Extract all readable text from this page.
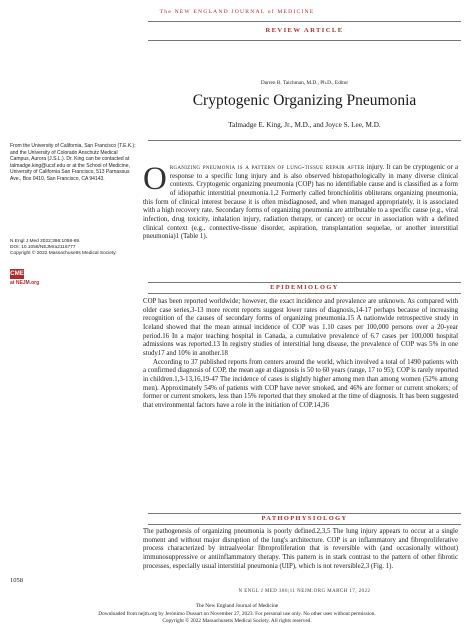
The NEW ENGLAND JOURNAL of MEDICINE
REVIEW ARTICLE
Darren B. Taichman, M.D., Ph.D., Editor
Cryptogenic Organizing Pneumonia
Talmadge E. King, Jr., M.D., and Joyce S. Lee, M.D.
From the University of California, San Francisco (T.E.K.); and the University of Colorado Anschutz Medical Campus, Aurora (J.S.L.). Dr. King can be contacted at talmadge.king@ucsf.edu or at the School of Medicine, University of California San Francisco, 513 Parnassus Ave., Box 0410, San Francisco, CA 94143.
N Engl J Med 2022;386:1058-69.
DOI: 10.1056/NEJMra2116777
Copyright © 2022 Massachusetts Medical Society.
CME
at NEJM.org
Organizing pneumonia is a pattern of lung-tissue repair after injury. It can be cryptogenic or a response to a specific lung injury and is also observed histopathologically in many diverse clinical contexts. Cryptogenic organizing pneumonia (COP) has no identifiable cause and is classified as a form of idiopathic interstitial pneumonia.1,2 Formerly called bronchiolitis obliterans organizing pneumonia, this form of clinical interest because it is often misdiagnosed, and when managed appropriately, it is associated with a high recovery rate. Secondary forms of organizing pneumonia are attributable to a specific cause (e.g., viral infection, drug toxicity, inhalation injury, radiation therapy, or cancer) or occur in association with a defined clinical context (e.g., connective-tissue disorder, aspiration, transplantation sequelae, or another interstitial pneumonia)1 (Table 1).
EPIDEMIOLOGY

COP has been reported worldwide; however, the exact incidence and prevalence are unknown. As compared with older case series,3-13 more recent reports suggest lower rates of diagnosis,14-17 perhaps because of increasing recognition of the causes of secondary forms of organizing pneumonia.15 A nationwide retrospective study in Iceland showed that the mean annual incidence of COP was 1.10 cases per 100,000 persons over a 20-year period.16 In a major teaching hospital in Canada, a cumulative prevalence of 6.7 cases per 100,000 hospital admissions was reported.13 In registry studies of interstitial lung disease, the prevalence of COP was 5% in one study17 and 10% in another.18

According to 37 published reports from centers around the world, which involved a total of 1490 patients with a confirmed diagnosis of COP, the mean age at diagnosis is 50 to 60 years (range, 17 to 95); COP is rarely reported in children.1,3-13,16,19-47 The incidence of cases is slightly higher among men than among women (52% among men). Approximately 54% of patients with COP have never smoked, and 46% are former or current smokers; of former or current smokers, less than 15% reported that they smoked at the time of diagnosis. It has been suggested that environmental factors have a role in the initiation of COP.14,36

PATHOPHYSIOLOGY

The pathogenesis of organizing pneumonia is poorly defined.2,3,5 The lung injury appears to occur at a single moment and without major disruption of the lung's architecture. COP is an inflammatory and fibroproliferative process characterized by intraalveolar fibroproliferation that is reversible with (and occasionally without) immunosuppressive or antiinflammatory therapy. This pattern is in stark contrast to the pattern of other fibrotic processes, especially usual interstitial pneumonia (UIP), which is not reversible2,3 (Fig. 1).

1058
N ENGL J MED 386;11 NEJM.ORG MARCH 17, 2022
The New England Journal of Medicine
Downloaded from nejm.org by Jerónimo Dussart on November 27, 2023. For personal use only. No other uses without permission.
Copyright © 2022 Massachusetts Medical Society. All rights reserved.
